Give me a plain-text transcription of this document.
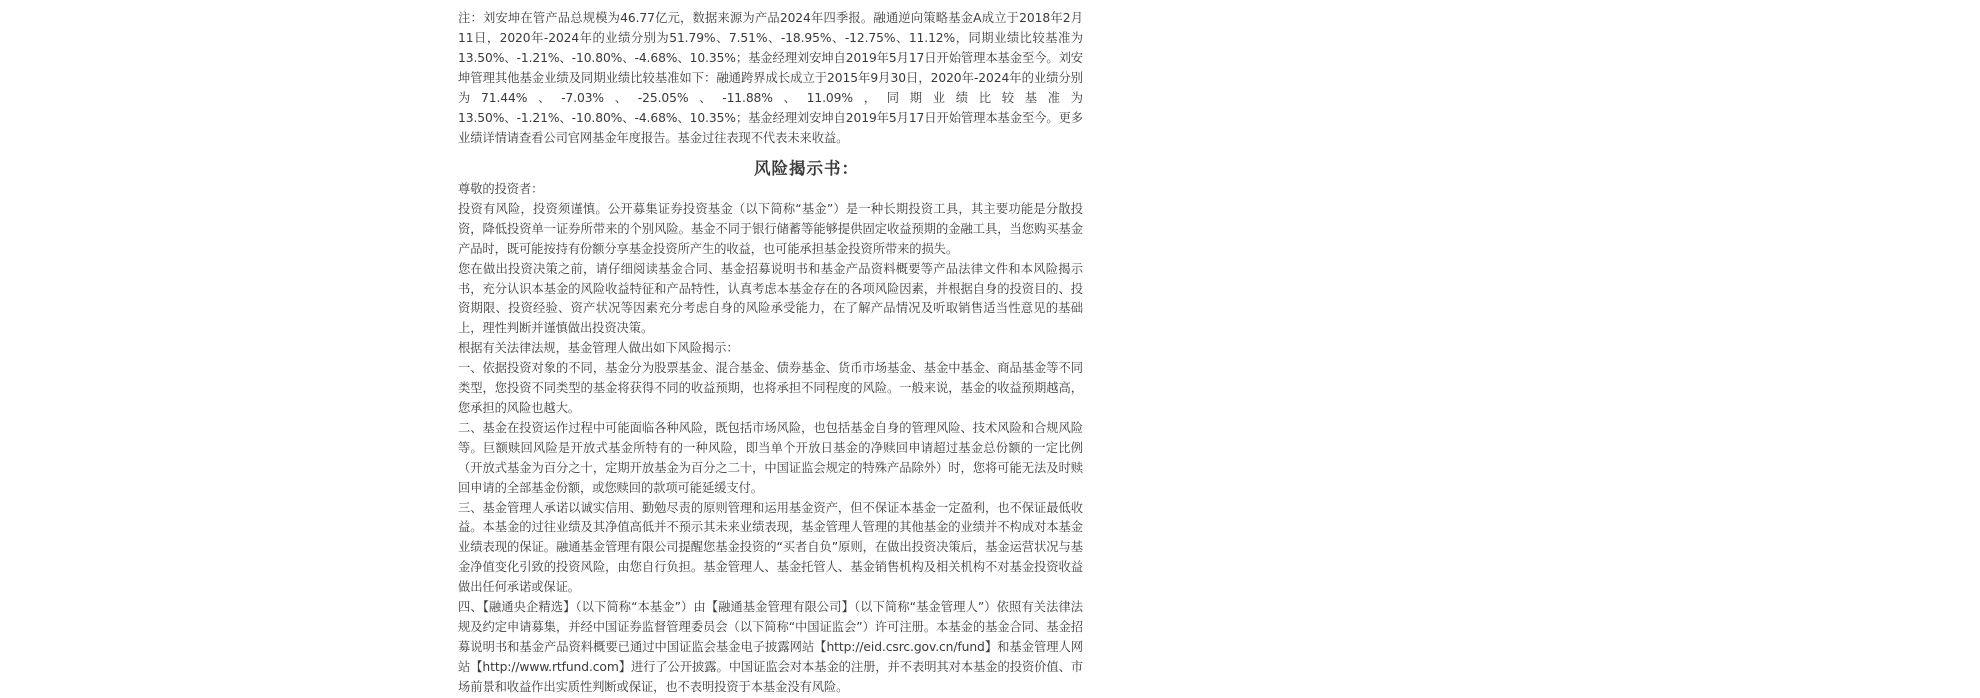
注：刘安坤在管产品总规模为46.77亿元，数据来源为产品2024年四季报。融通逆向策略基金A成立于2018年2月11日，2020年-2024年的业绩分别为51.79%、7.51%、-18.95%、-12.75%、11.12%，同期业绩比较基准为13.50%、-1.21%、-10.80%、-4.68%、10.35%；基金经理刘安坤自2019年5月17日开始管理本基金至今。刘安坤管理其他基金业绩及同期业绩比较基准如下：融通跨界成长成立于2015年9月30日，2020年-2024年的业绩分别为71.44%、-7.03%、-25.05%、-11.88%、11.09%，同期业绩比较基准为13.50%、-1.21%、-10.80%、-4.68%、10.35%；基金经理刘安坤自2019年5月17日开始管理本基金至今。更多业绩详情请查看公司官网基金年度报告。基金过往表现不代表未来收益。

风险揭示书：

尊敬的投资者：

投资有风险，投资须谨慎。公开募集证券投资基金（以下简称“基金”）是一种长期投资工具，其主要功能是分散投资，降低投资单一证券所带来的个别风险。基金不同于银行储蓄等能够提供固定收益预期的金融工具，当您购买基金产品时，既可能按持有份额分享基金投资所产生的收益，也可能承担基金投资所带来的损失。

您在做出投资决策之前，请仔细阅读基金合同、基金招募说明书和基金产品资料概要等产品法律文件和本风险揭示书，充分认识本基金的风险收益特征和产品特性，认真考虑本基金存在的各项风险因素，并根据自身的投资目的、投资期限、投资经验、资产状况等因素充分考虑自身的风险承受能力，在了解产品情况及听取销售适当性意见的基础上，理性判断并谨慎做出投资决策。

根据有关法律法规，基金管理人做出如下风险揭示：

一、依据投资对象的不同，基金分为股票基金、混合基金、债券基金、货币市场基金、基金中基金、商品基金等不同类型，您投资不同类型的基金将获得不同的收益预期，也将承担不同程度的风险。一般来说，基金的收益预期越高，您承担的风险也越大。

二、基金在投资运作过程中可能面临各种风险，既包括市场风险，也包括基金自身的管理风险、技术风险和合规风险等。巨额赎回风险是开放式基金所特有的一种风险，即当单个开放日基金的净赎回申请超过基金总份额的一定比例（开放式基金为百分之十，定期开放基金为百分之二十，中国证监会规定的特殊产品除外）时，您将可能无法及时赎回申请的全部基金份额，或您赎回的款项可能延缓支付。

三、基金管理人承诺以诚实信用、勤勉尽责的原则管理和运用基金资产，但不保证本基金一定盈利，也不保证最低收益。本基金的过往业绩及其净值高低并不预示其未来业绩表现，基金管理人管理的其他基金的业绩并不构成对本基金业绩表现的保证。融通基金管理有限公司提醒您基金投资的“买者自负”原则，在做出投资决策后，基金运营状况与基金净值变化引致的投资风险，由您自行负担。基金管理人、基金托管人、基金销售机构及相关机构不对基金投资收益做出任何承诺或保证。

四、【融通央企精选】（以下简称“本基金”）由【融通基金管理有限公司】（以下简称“基金管理人”）依照有关法律法规及约定申请募集，并经中国证券监督管理委员会（以下简称“中国证监会”）许可注册。本基金的基金合同、基金招募说明书和基金产品资料概要已通过中国证监会基金电子披露网站【http://eid.csrc.gov.cn/fund】和基金管理人网站【http://www.rtfund.com】进行了公开披露。中国证监会对本基金的注册，并不表明其对本基金的投资价值、市场前景和收益作出实质性判断或保证，也不表明投资于本基金没有风险。
